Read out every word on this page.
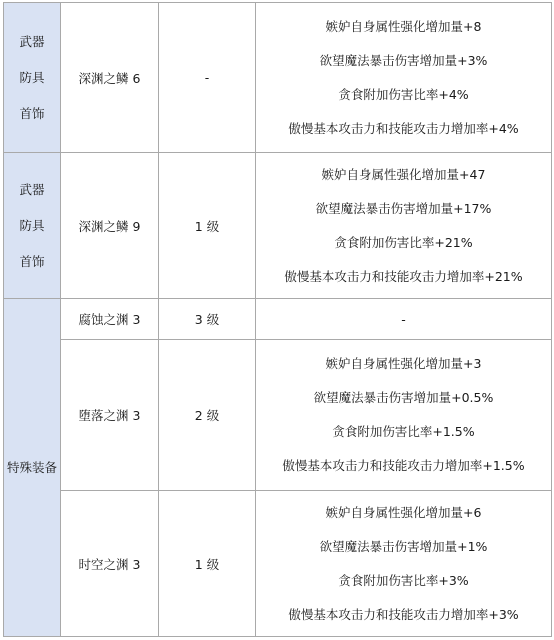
武器
防具
首饰	深渊之鳞 6	-	嫉妒自身属性强化增加量+8
欲望魔法暴击伤害增加量+3%
贪食附加伤害比率+4%
傲慢基本攻击力和技能攻击力增加率+4%

武器
防具
首饰	深渊之鳞 9	1 级	嫉妒自身属性强化增加量+47
欲望魔法暴击伤害增加量+17%
贪食附加伤害比率+21%
傲慢基本攻击力和技能攻击力增加率+21%

特殊装备	腐蚀之渊 3	3 级	-
	堕落之渊 3	2 级	嫉妒自身属性强化增加量+3
欲望魔法暴击伤害增加量+0.5%
贪食附加伤害比率+1.5%
傲慢基本攻击力和技能攻击力增加率+1.5%

	时空之渊 3	1 级	嫉妒自身属性强化增加量+6
欲望魔法暴击伤害增加量+1%
贪食附加伤害比率+3%
傲慢基本攻击力和技能攻击力增加率+3%
